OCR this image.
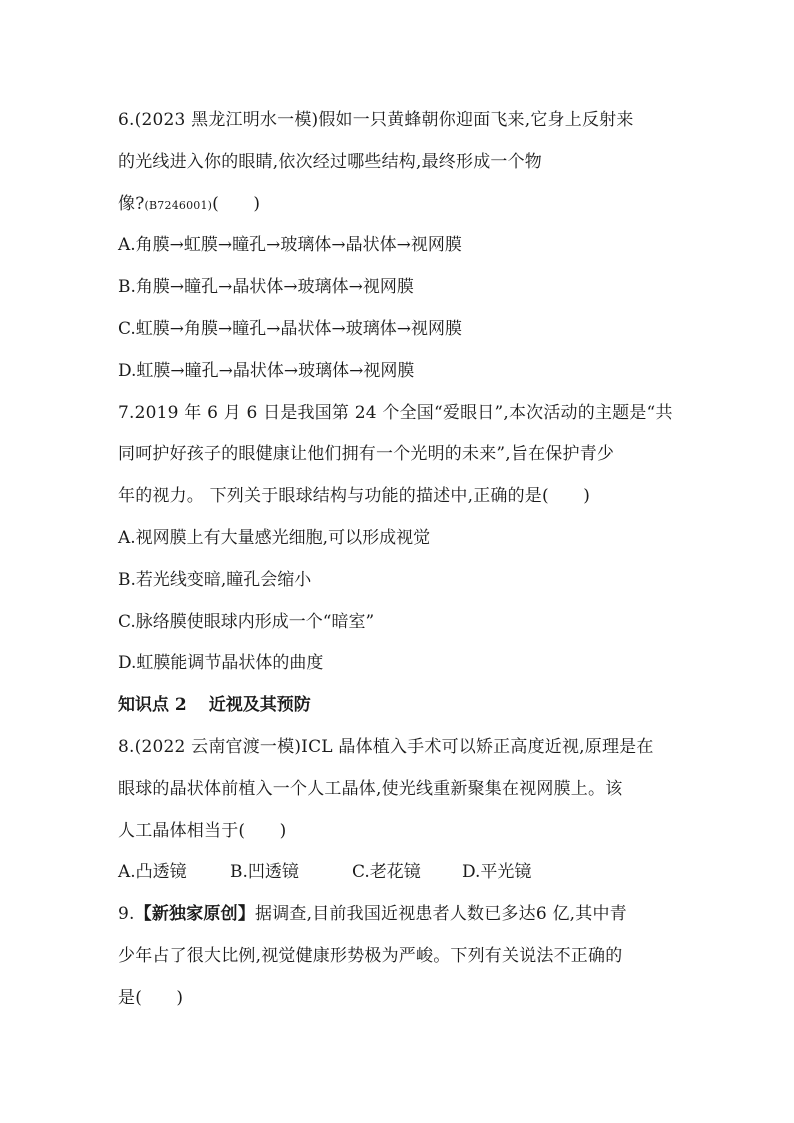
6.(2023 黑龙江明水一模)假如一只黄蜂朝你迎面飞来,它身上反射来
的光线进入你的眼睛,依次经过哪些结构,最终形成一个物
像?(B7246001)(　　)
A.角膜→虹膜→瞳孔→玻璃体→晶状体→视网膜
B.角膜→瞳孔→晶状体→玻璃体→视网膜
C.虹膜→角膜→瞳孔→晶状体→玻璃体→视网膜
D.虹膜→瞳孔→晶状体→玻璃体→视网膜
7.2019 年 6 月 6 日是我国第 24 个全国“爱眼日”,本次活动的主题是“共
同呵护好孩子的眼健康让他们拥有一个光明的未来”,旨在保护青少
年的视力。 下列关于眼球结构与功能的描述中,正确的是(　　)
A.视网膜上有大量感光细胞,可以形成视觉
B.若光线变暗,瞳孔会缩小
C.脉络膜使眼球内形成一个“暗室”
D.虹膜能调节晶状体的曲度
知识点 2 近视及其预防
8.(2022 云南官渡一模)ICL 晶体植入手术可以矫正高度近视,原理是在
眼球的晶状体前植入一个人工晶体,使光线重新聚集在视网膜上。该
人工晶体相当于(　　)
A.凸透镜	B.凹透镜	C.老花镜	D.平光镜
9.【新独家原创】据调查,目前我国近视患者人数已多达6 亿,其中青
少年占了很大比例,视觉健康形势极为严峻。下列有关说法不正确的
是(　　)
